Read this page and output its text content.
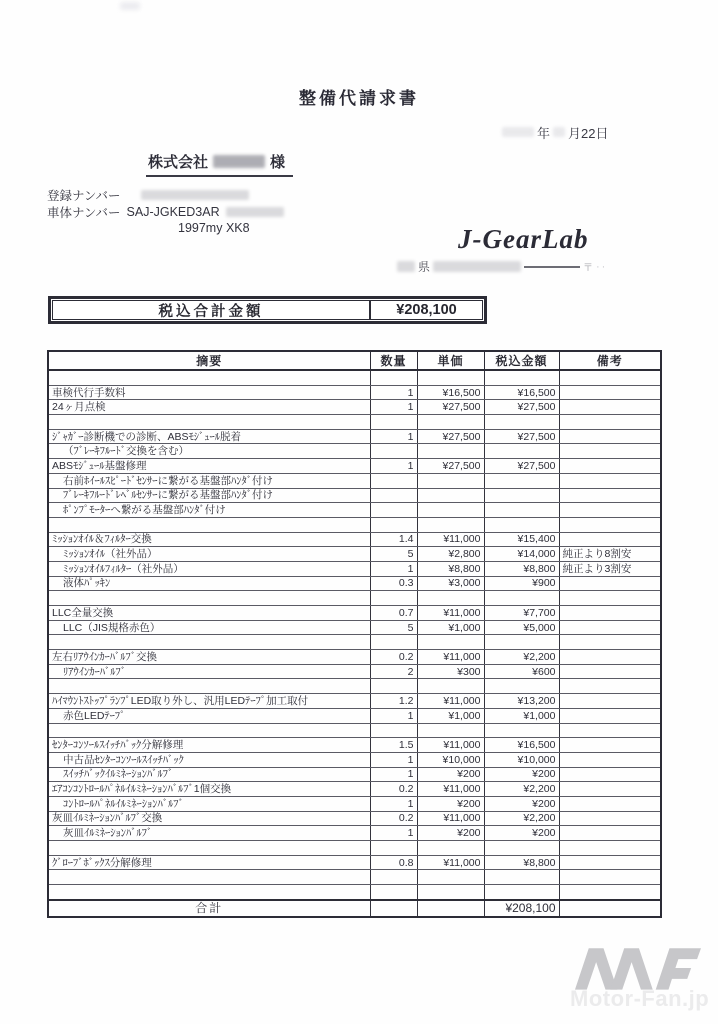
整備代請求書
年 月22日
株式会社	様
登録ナンバー
車体ナンバー SAJ-JGKED3AR
1997my XK8	J-GearLab
県	〒 ··
税込合計金額	¥208,100
摘要	数量	単価	税込金額	備考

車検代行手数料	1	¥16,500	¥16,500	
24ヶ月点検	1	¥27,500	¥27,500	

ｼﾞｬｶﾞｰ診断機での診断、ABSﾓｼﾞｭｰﾙ脱着	1	¥27,500	¥27,500	
（ﾌﾞﾚｰｷﾌﾙｰﾄﾞ交換を含む）				
ABSﾓｼﾞｭｰﾙ基盤修理	1	¥27,500	¥27,500	
右前ﾎｲｰﾙｽﾋﾟｰﾄﾞｾﾝｻｰに繋がる基盤部ﾊﾝﾀﾞ付け				
ﾌﾞﾚｰｷﾌﾙｰﾄﾞﾚﾍﾞﾙｾﾝｻｰに繋がる基盤部ﾊﾝﾀﾞ付け				
ﾎﾟﾝﾌﾟﾓｰﾀｰへ繋がる基盤部ﾊﾝﾀﾞ付け				

ﾐｯｼｮﾝｵｲﾙ＆ﾌｨﾙﾀｰ交換	1.4	¥11,000	¥15,400	
ﾐｯｼｮﾝｵｲﾙ（社外品）	5	¥2,800	¥14,000	純正より8割安
ﾐｯｼｮﾝｵｲﾙﾌｨﾙﾀｰ（社外品）	1	¥8,800	¥8,800	純正より3割安
液体ﾊﾟｯｷﾝ	0.3	¥3,000	¥900	

LLC全量交換	0.7	¥11,000	¥7,700	
LLC（JIS規格赤色）	5	¥1,000	¥5,000	

左右ﾘｱｳｲﾝｶｰﾊﾞﾙﾌﾞ交換	0.2	¥11,000	¥2,200	
ﾘｱｳｲﾝｶｰﾊﾞﾙﾌﾞ	2	¥300	¥600	

ﾊｲﾏｳﾝﾄｽﾄｯﾌﾟﾗﾝﾌﾟLED取り外し、汎用LEDﾃｰﾌﾟ加工取付	1.2	¥11,000	¥13,200	
赤色LEDﾃｰﾌﾟ	1	¥1,000	¥1,000	

ｾﾝﾀｰｺﾝｿｰﾙｽｲｯﾁﾊﾞｯｸ分解修理	1.5	¥11,000	¥16,500	
中古品ｾﾝﾀｰｺﾝｿｰﾙｽｲｯﾁﾊﾞｯｸ	1	¥10,000	¥10,000	
ｽｲｯﾁﾊﾞｯｸｲﾙﾐﾈｰｼｮﾝﾊﾞﾙﾌﾞ	1	¥200	¥200	
ｴｱｺﾝｺﾝﾄﾛｰﾙﾊﾟﾈﾙｲﾙﾐﾈｰｼｮﾝﾊﾞﾙﾌﾞ1個交換	0.2	¥11,000	¥2,200	
ｺﾝﾄﾛｰﾙﾊﾟﾈﾙｲﾙﾐﾈｰｼｮﾝﾊﾞﾙﾌﾞ	1	¥200	¥200	
灰皿ｲﾙﾐﾈｰｼｮﾝﾊﾞﾙﾌﾞ交換	0.2	¥11,000	¥2,200	
灰皿ｲﾙﾐﾈｰｼｮﾝﾊﾞﾙﾌﾞ	1	¥200	¥200	

ｸﾞﾛｰﾌﾞﾎﾞｯｸｽ分解修理	0.8	¥11,000	¥8,800	

合計			¥208,100	
Motor-Fan.jp
